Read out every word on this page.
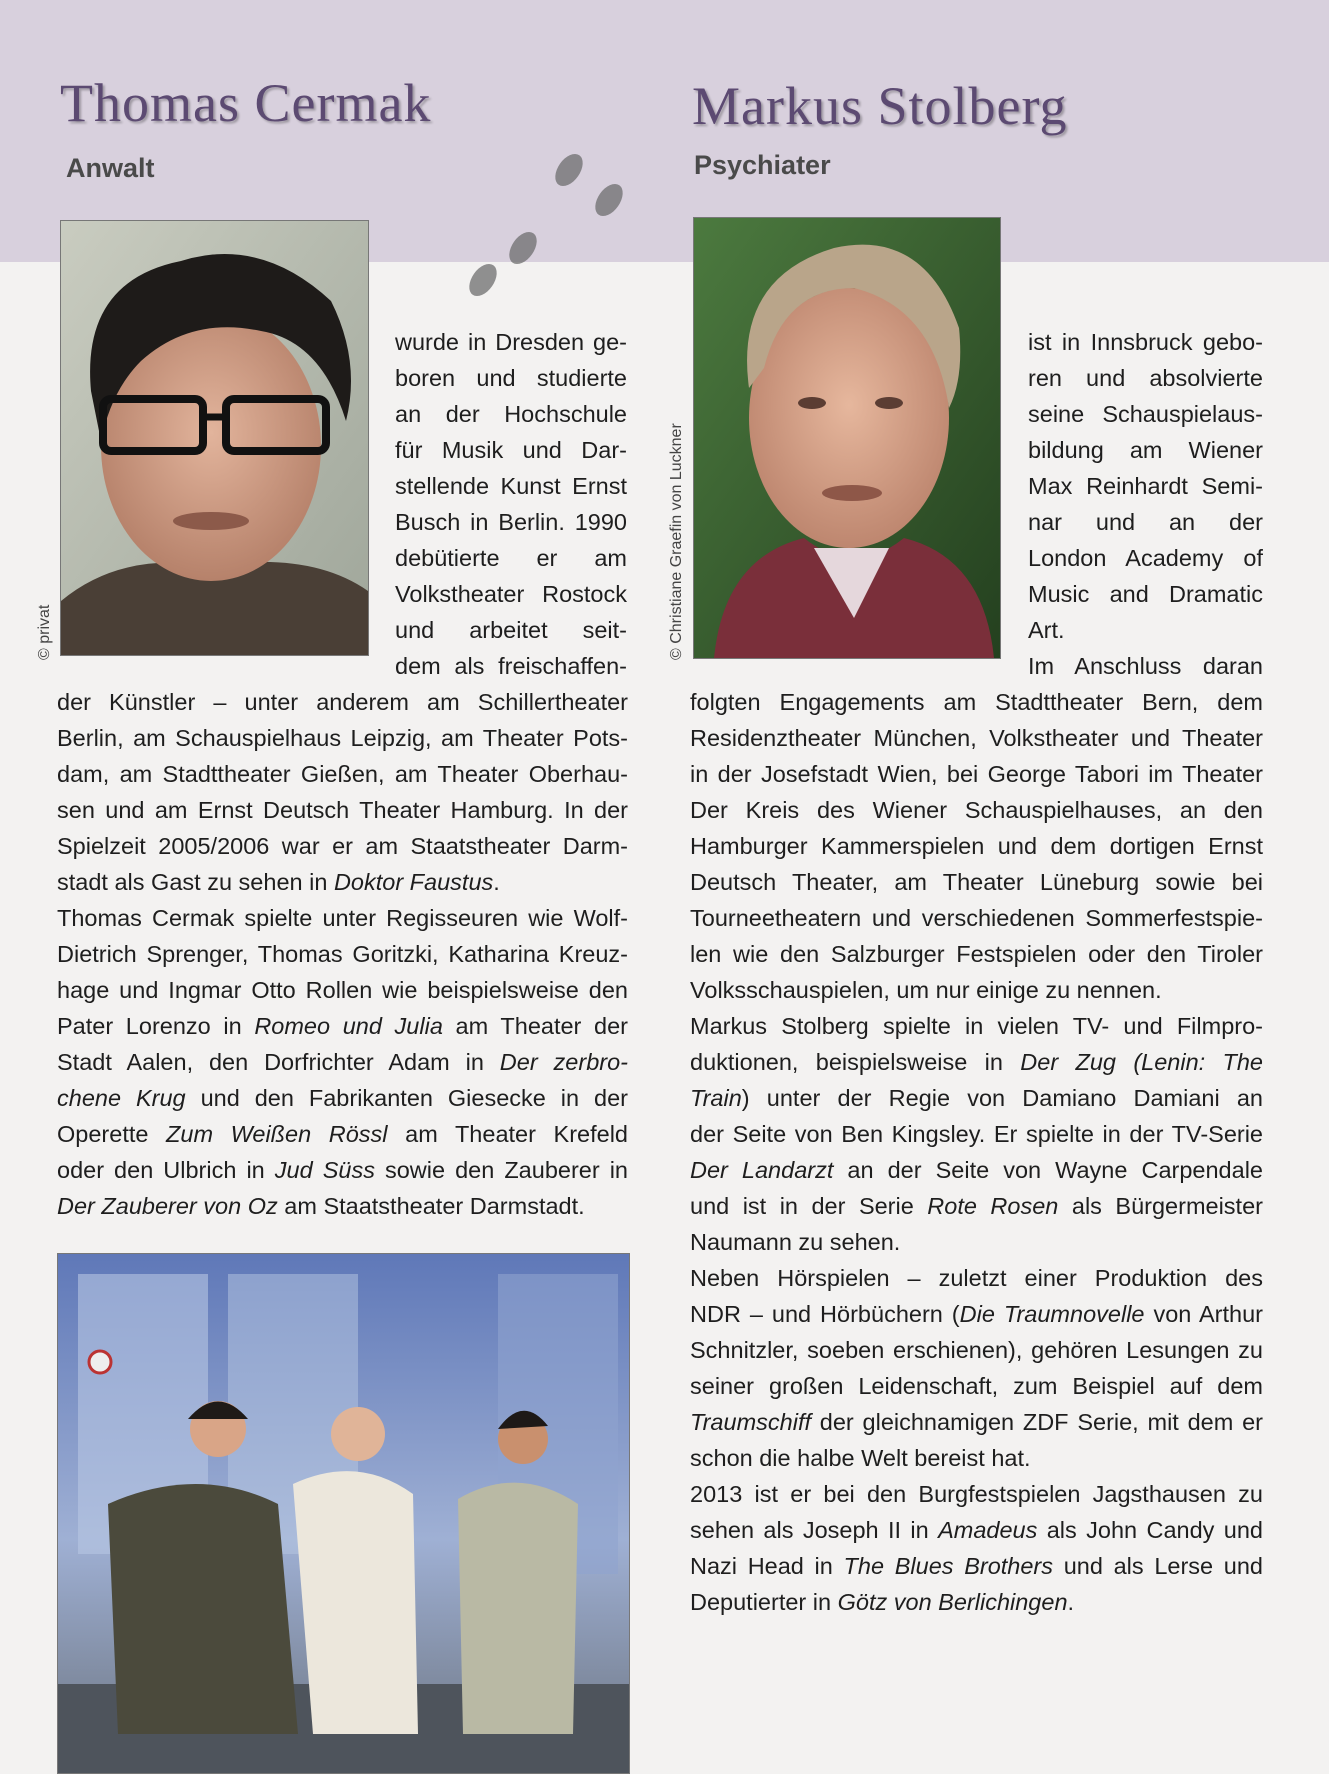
Thomas Cermak
Anwalt
© privat
wurde in Dresden ge-
boren und studierte
an der Hochschule
für Musik und Dar-
stellende Kunst Ernst
Busch in Berlin. 1990
debütierte er am
Volkstheater Rostock
und arbeitet seit-
dem als freischaffen-
der Künstler – unter anderem am Schillertheater
Berlin, am Schauspielhaus Leipzig, am Theater Pots-
dam, am Stadttheater Gießen, am Theater Oberhau-
sen und am Ernst Deutsch Theater Hamburg. In der
Spielzeit 2005/2006 war er am Staatstheater Darm-
stadt als Gast zu sehen in Doktor Faustus.
Thomas Cermak spielte unter Regisseuren wie Wolf-
Dietrich Sprenger, Thomas Goritzki, Katharina Kreuz-
hage und Ingmar Otto Rollen wie beispielsweise den
Pater Lorenzo in Romeo und Julia am Theater der
Stadt Aalen, den Dorfrichter Adam in Der zerbro-
chene Krug und den Fabrikanten Giesecke in der
Operette Zum Weißen Rössl am Theater Krefeld
oder den Ulbrich in Jud Süss sowie den Zauberer in
Der Zauberer von Oz am Staatstheater Darmstadt.
Markus Stolberg
Psychiater
© Christiane Graefin von Luckner
ist in Innsbruck gebo-
ren und absolvierte
seine Schauspielaus-
bildung am Wiener
Max Reinhardt Semi-
nar und an der
London Academy of
Music and Dramatic
Art.
Im Anschluss daran
folgten Engagements am Stadttheater Bern, dem
Residenztheater München, Volkstheater und Theater
in der Josefstadt Wien, bei George Tabori im Theater
Der Kreis des Wiener Schauspielhauses, an den
Hamburger Kammerspielen und dem dortigen Ernst
Deutsch Theater, am Theater Lüneburg sowie bei
Tourneetheatern und verschiedenen Sommerfestspie-
len wie den Salzburger Festspielen oder den Tiroler
Volksschauspielen, um nur einige zu nennen.
Markus Stolberg spielte in vielen TV- und Filmpro-
duktionen, beispielsweise in Der Zug (Lenin: The
Train) unter der Regie von Damiano Damiani an
der Seite von Ben Kingsley. Er spielte in der TV-Serie
Der Landarzt an der Seite von Wayne Carpendale
und ist in der Serie Rote Rosen als Bürgermeister
Naumann zu sehen.
Neben Hörspielen – zuletzt einer Produktion des
NDR – und Hörbüchern (Die Traumnovelle von Arthur
Schnitzler, soeben erschienen), gehören Lesungen zu
seiner großen Leidenschaft, zum Beispiel auf dem
Traumschiff der gleichnamigen ZDF Serie, mit dem er
schon die halbe Welt bereist hat.
2013 ist er bei den Burgfestspielen Jagsthausen zu
sehen als Joseph II in Amadeus als John Candy und
Nazi Head in The Blues Brothers und als Lerse und
Deputierter in Götz von Berlichingen.
